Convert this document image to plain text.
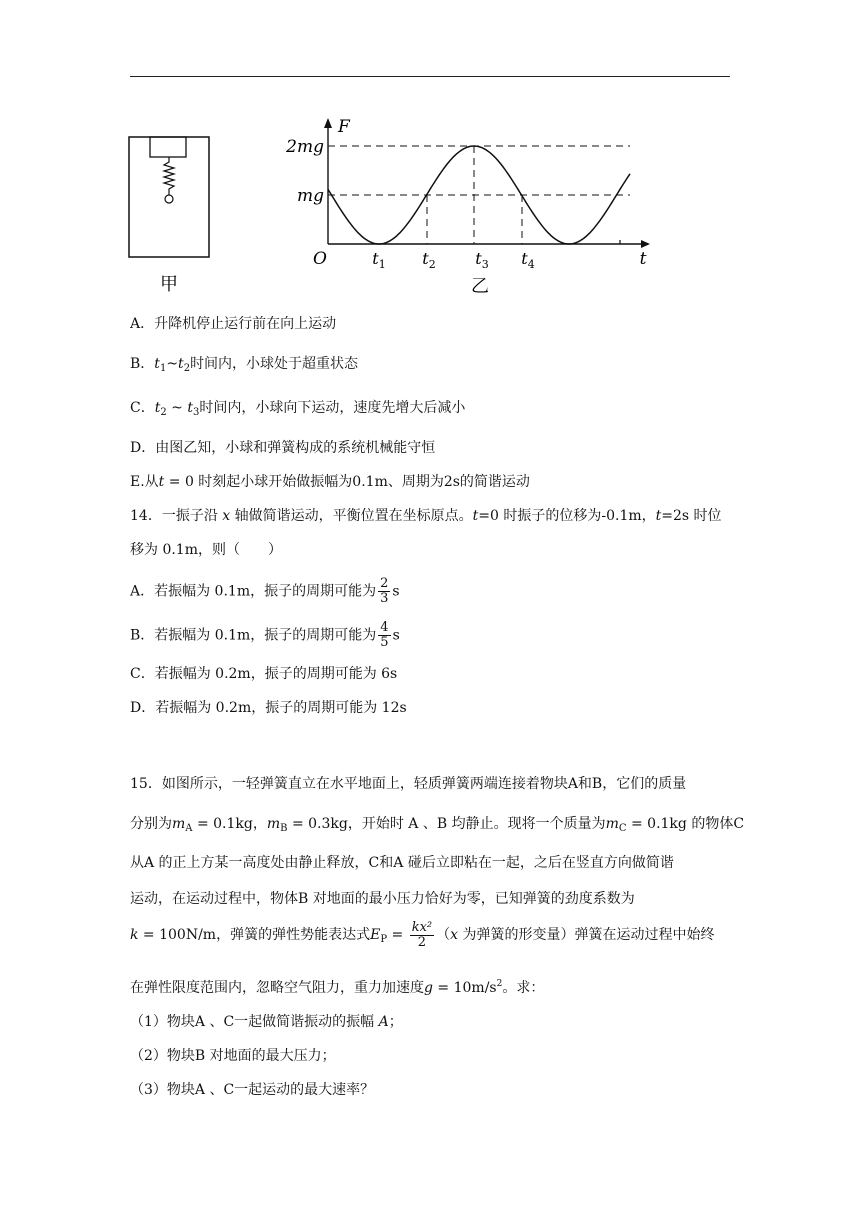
甲
2mg
mg
F
O	t
$t_1$ $t_2$ $t_3$ $t_4$
乙
A．升降机停止运行前在向上运动
B．$t_1\sim t_2$时间内，小球处于超重状态
C．$t_2$ ~ $t_3$时间内，小球向下运动，速度先增大后减小
D．由图乙知，小球和弹簧构成的系统机械能守恒
E.从t = 0 时刻起小球开始做振幅为0.1m、周期为2s的简谐运动
14．一振子沿 x 轴做简谐运动，平衡位置在坐标原点。t=0 时振子的位移为-0.1m，t=2s 时位
移为 0.1m，则（　　）
A．若振幅为 0.1m，振子的周期可能为 $\frac{2}{3}$ s
B．若振幅为 0.1m，振子的周期可能为 $\frac{4}{5}$ s
C．若振幅为 0.2m，振子的周期可能为 6s
D．若振幅为 0.2m，振子的周期可能为 12s
15．如图所示，一轻弹簧直立在水平地面上，轻质弹簧两端连接着物块A和B，它们的质量
分别为$m_A = 0.1kg$，$m_B = 0.3kg$，开始时 A 、B 均静止。现将一个质量为$m_C = 0.1kg$ 的物体C
从A 的正上方某一高度处由静止释放，C和A 碰后立即粘在一起，之后在竖直方向做简谐
运动，在运动过程中，物体B 对地面的最小压力恰好为零，已知弹簧的劲度系数为
k = 100N/m，弹簧的弹性势能表达式$E_P = \frac{\text{kx²}}{2} (x$ 为弹簧的形变量）弹簧在运动过程中始终
在弹性限度范围内，忽略空气阻力，重力加速度$g = 10m/s^2$。求：
（1）物块A 、C一起做简谐振动的振幅 A；
（2）物块B 对地面的最大压力；
（3）物块A 、C一起运动的最大速率？
